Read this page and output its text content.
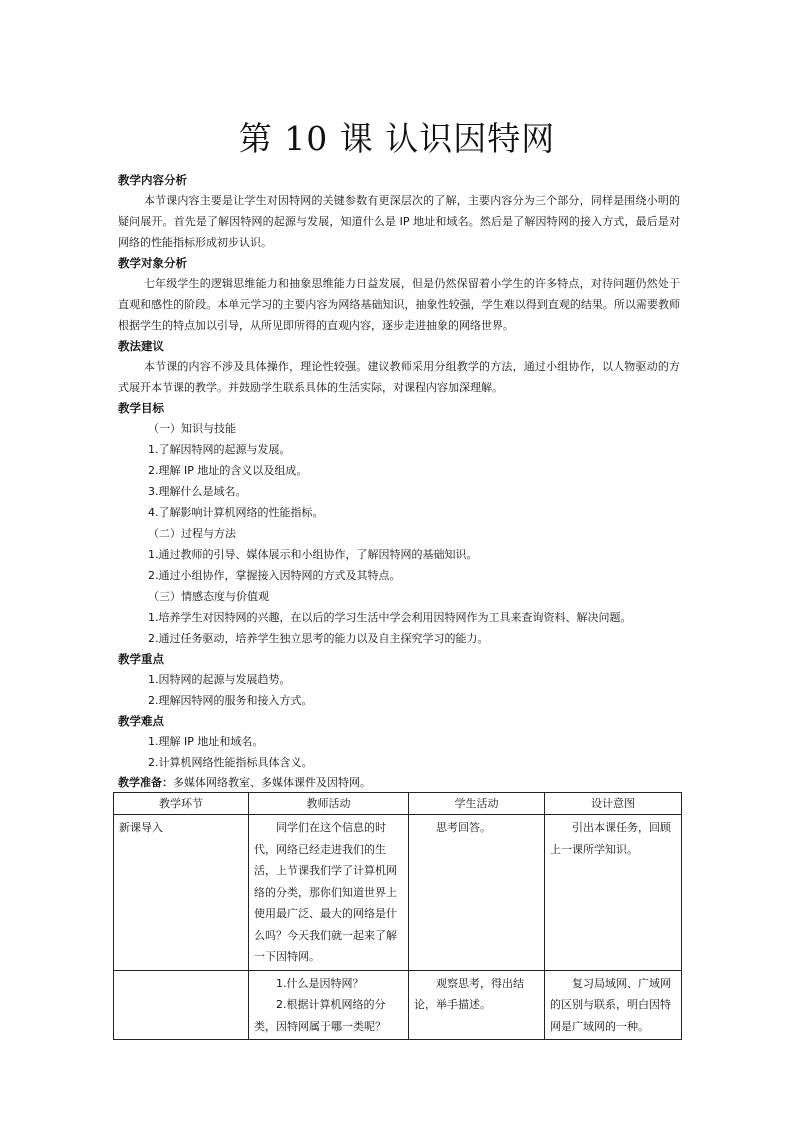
第 10 课 认识因特网
教学内容分析
本节课内容主要是让学生对因特网的关键参数有更深层次的了解，主要内容分为三个部分，同样是围绕小明的疑问展开。首先是了解因特网的起源与发展，知道什么是 IP 地址和域名。然后是了解因特网的接入方式，最后是对网络的性能指标形成初步认识。
教学对象分析
七年级学生的逻辑思维能力和抽象思维能力日益发展，但是仍然保留着小学生的许多特点，对待问题仍然处于直观和感性的阶段。本单元学习的主要内容为网络基础知识，抽象性较强，学生难以得到直观的结果。所以需要教师根据学生的特点加以引导，从所见即所得的直观内容，逐步走进抽象的网络世界。
教法建议
本节课的内容不涉及具体操作，理论性较强。建议教师采用分组教学的方法，通过小组协作，以人物驱动的方式展开本节课的教学。并鼓励学生联系具体的生活实际，对课程内容加深理解。
教学目标
（一）知识与技能
1.了解因特网的起源与发展。
2.理解 IP 地址的含义以及组成。
3.理解什么是域名。
4.了解影响计算机网络的性能指标。
（二）过程与方法
1.通过教师的引导、媒体展示和小组协作，了解因特网的基础知识。
2.通过小组协作，掌握接入因特网的方式及其特点。
（三）情感态度与价值观
1.培养学生对因特网的兴趣，在以后的学习生活中学会利用因特网作为工具来查询资料、解决问题。
2.通过任务驱动，培养学生独立思考的能力以及自主探究学习的能力。
教学重点
1.因特网的起源与发展趋势。
2.理解因特网的服务和接入方式。
教学难点
1.理解 IP 地址和域名。
2.计算机网络性能指标具体含义。
教学准备：多媒体网络教室、多媒体课件及因特网。
教学环节	教师活动	学生活动	设计意图
新课导入	同学们在这个信息的时代，网络已经走进我们的生活，上节课我们学了计算机网络的分类，那你们知道世界上使用最广泛、最大的网络是什么吗？今天我们就一起来了解一下因特网。	思考回答。	引出本课任务，回顾上一课所学知识。

	1.什么是因特网？
2.根据计算机网络的分类，因特网属于哪一类呢？	观察思考，得出结论，举手描述。	复习局域网、广域网的区别与联系，明白因特网是广域网的一种。
